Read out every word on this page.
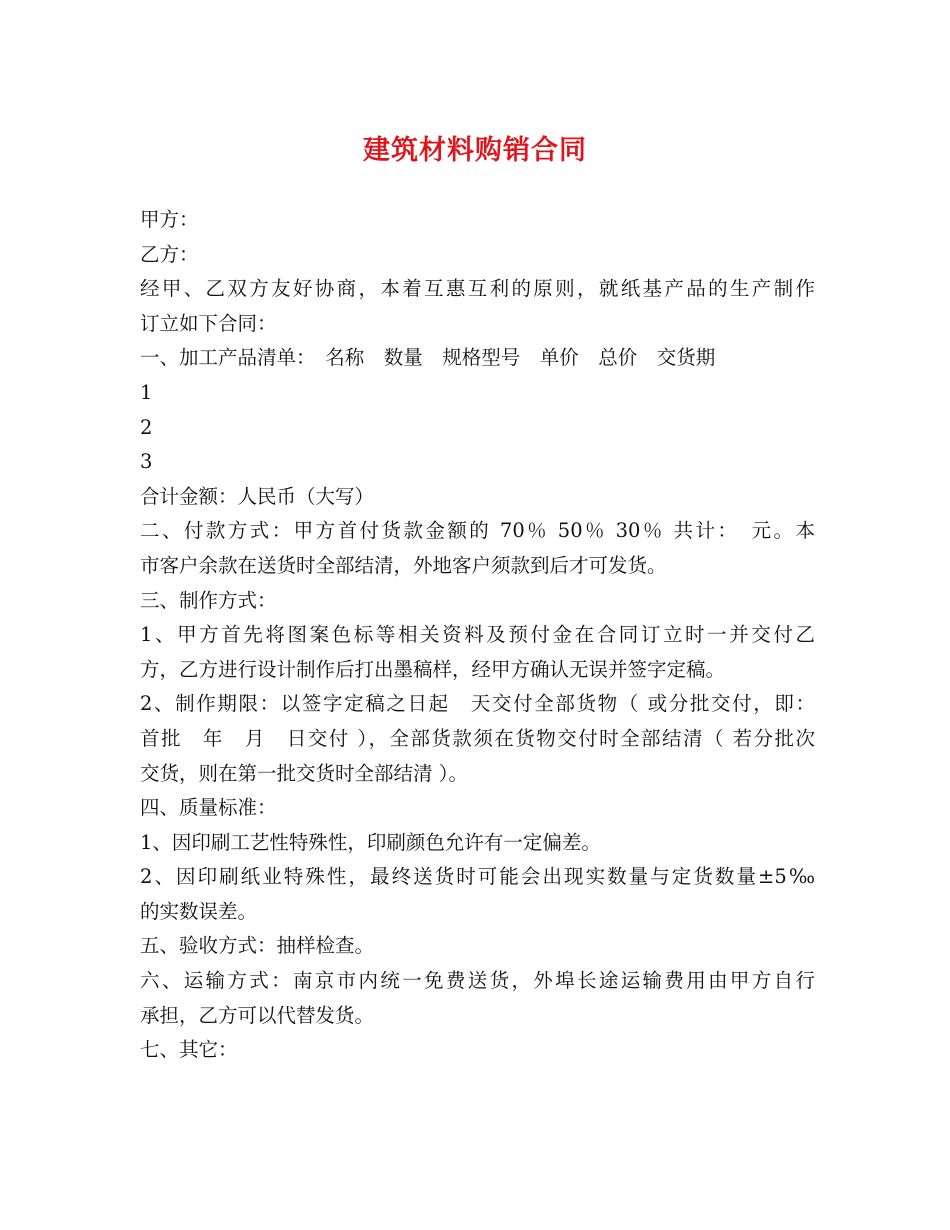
建筑材料购销合同
甲方：
乙方：
经甲、乙双方友好协商，本着互惠互利的原则，就纸基产品的生产制作
订立如下合同：
一、加工产品清单：　名称　数量　规格型号　单价　总价　交货期
1
2
3
合计金额：人民币（大写）
二、付款方式：甲方首付货款金额的 70％ 50％ 30％ 共计：　元。本
市客户余款在送货时全部结清，外地客户须款到后才可发货。
三、制作方式：
1、甲方首先将图案色标等相关资料及预付金在合同订立时一并交付乙
方，乙方进行设计制作后打出墨稿样，经甲方确认无误并签字定稿。
2、制作期限：以签字定稿之日起　天交付全部货物（ 或分批交付，即：
首批　年　月　日交付 ），全部货款须在货物交付时全部结清（ 若分批次
交货，则在第一批交货时全部结清 ）。
四、质量标准：
1、因印刷工艺性特殊性，印刷颜色允许有一定偏差。
2、因印刷纸业特殊性，最终送货时可能会出现实数量与定货数量±5‰
的实数误差。
五、验收方式：抽样检查。
六、运输方式：南京市内统一免费送货，外埠长途运输费用由甲方自行
承担，乙方可以代替发货。
七、其它：
